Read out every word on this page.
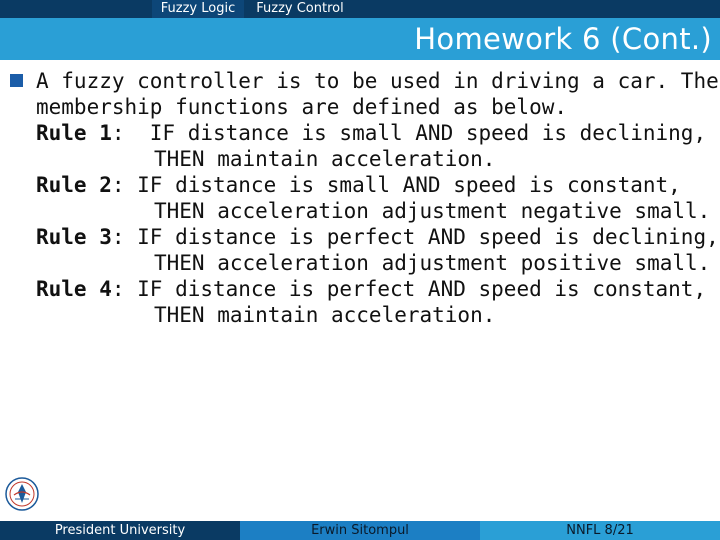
Fuzzy Logic	Fuzzy Control
Homework 6 (Cont.)
A fuzzy controller is to be used in driving a car. The
membership functions are defined as below.
Rule 1:  IF distance is small AND speed is declining,
THEN maintain acceleration.
Rule 2: IF distance is small AND speed is constant,
THEN acceleration adjustment negative small.
Rule 3: IF distance is perfect AND speed is declining,
THEN acceleration adjustment positive small.
Rule 4: IF distance is perfect AND speed is constant,
THEN maintain acceleration.
President University	Erwin Sitompul	NNFL 8/21
